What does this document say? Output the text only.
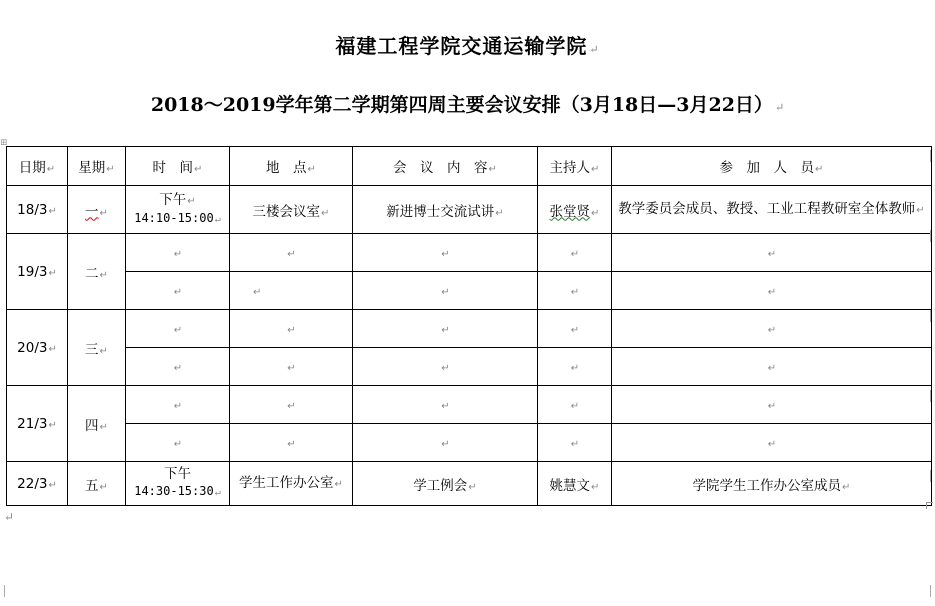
福建工程学院交通运输学院 ↵
2018～2019学年第二学期第四周主要会议安排（3月18日—3月22日） ↵
⊞
日期↵	星期↵	时　间↵	地　点↵	会　议　内　容↵	主持人↵	参　加　人　员↵
18/3↵	一↵	下午↵
14:10-15:00↵	三楼会议室↵	新进博士交流试讲↵	张堂贤↵	教学委员会成员、教授、工业工程教研室全体教师↵
19/3↵	二↵	↵	↵	↵	↵	↵
		↵	↵	↵	↵	↵
20/3↵	三↵	↵	↵	↵	↵	↵
		↵	↵	↵	↵	↵
21/3↵	四↵	↵	↵	↵	↵	↵
		↵	↵	↵	↵	↵
22/3↵	五↵	下午
14:30-15:30↵	学生工作办公室↵	学工例会↵	姚慧文↵	学院学生工作办公室成员↵
↵
